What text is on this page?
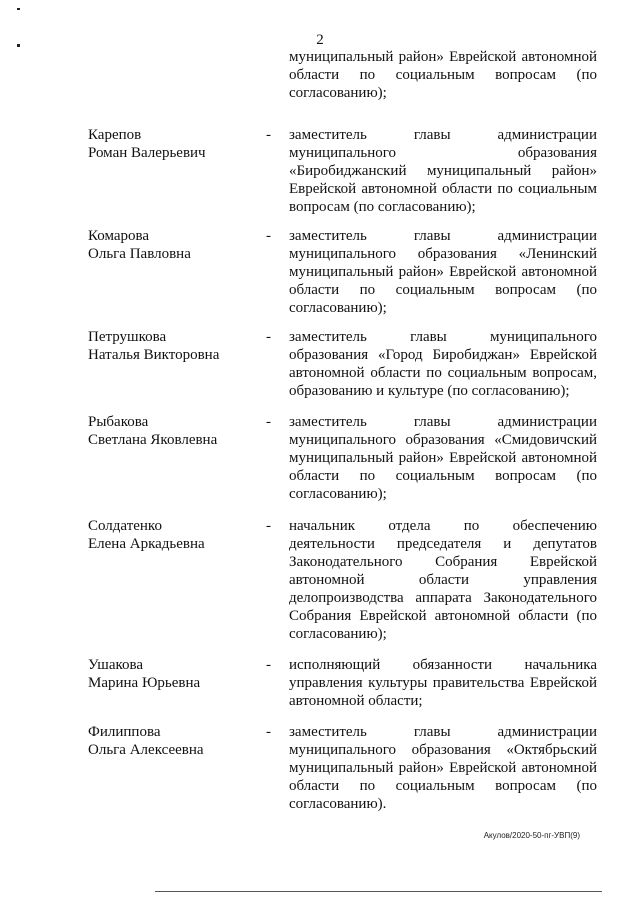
2
муниципальный район» Еврейской автономной области по социальным вопросам (по согласованию);
Карепов
Роман Валерьевич
- заместитель главы администрации муниципального образования «Биробиджанский муниципальный район» Еврейской автономной области по социальным вопросам (по согласованию);
Комарова
Ольга Павловна
- заместитель главы администрации муниципального образования «Ленинский муниципальный район» Еврейской автономной области по социальным вопросам (по согласованию);
Петрушкова
Наталья Викторовна
- заместитель главы муниципального образования «Город Биробиджан» Еврейской автономной области по социальным вопросам, образованию и культуре (по согласованию);
Рыбакова
Светлана Яковлевна
- заместитель главы администрации муниципального образования «Смидовичский муниципальный район» Еврейской автономной области по социальным вопросам (по согласованию);
Солдатенко
Елена Аркадьевна
- начальник отдела по обеспечению деятельности председателя и депутатов Законодательного Собрания Еврейской автономной области управления делопроизводства аппарата Законодательного Собрания Еврейской автономной области (по согласованию);
Ушакова
Марина Юрьевна
- исполняющий обязанности начальника управления культуры правительства Еврейской автономной области;
Филиппова
Ольга Алексеевна
- заместитель главы администрации муниципального образования «Октябрьский муниципальный район» Еврейской автономной области по социальным вопросам (по согласованию).
Акулов/2020-50-пг-УВП(9)
